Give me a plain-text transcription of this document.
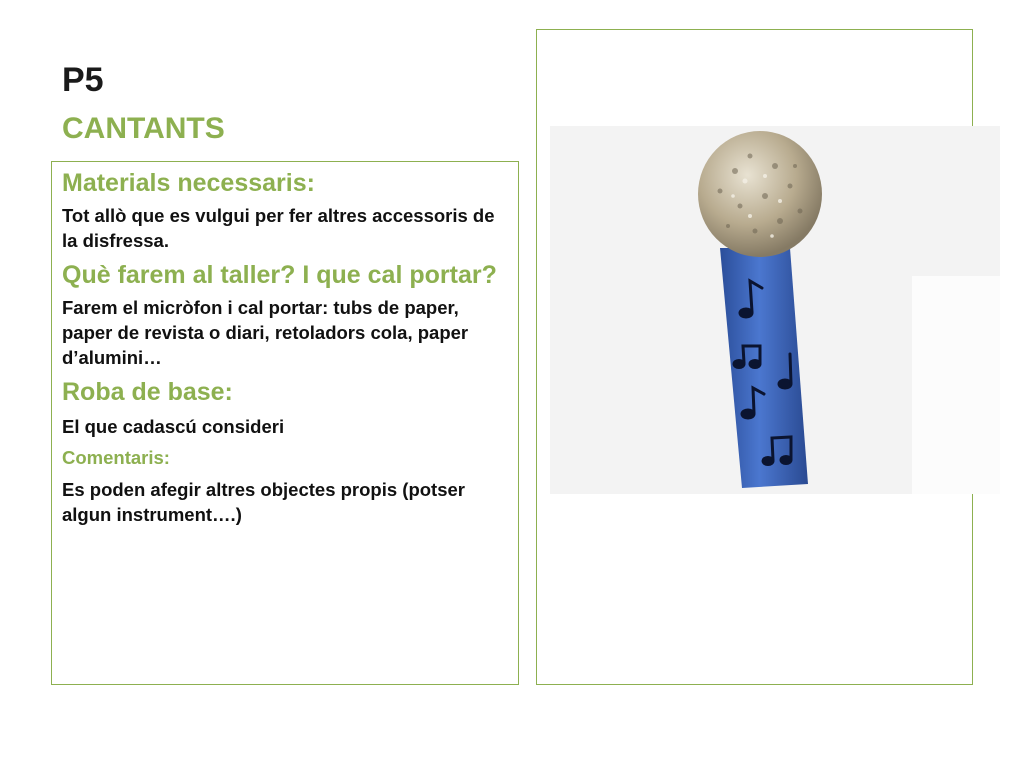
P5
CANTANTS

Materials necessaris:

Tot allò que es vulgui per fer altres accessoris de la disfressa.

Què farem al taller? I que cal portar?

Farem el micròfon i cal portar: tubs de paper, paper de revista o diari, retoladors cola, paper d’alumini…

Roba de base:

El que cadascú consideri

Comentaris:

Es poden afegir altres objectes propis (potser algun instrument….)
